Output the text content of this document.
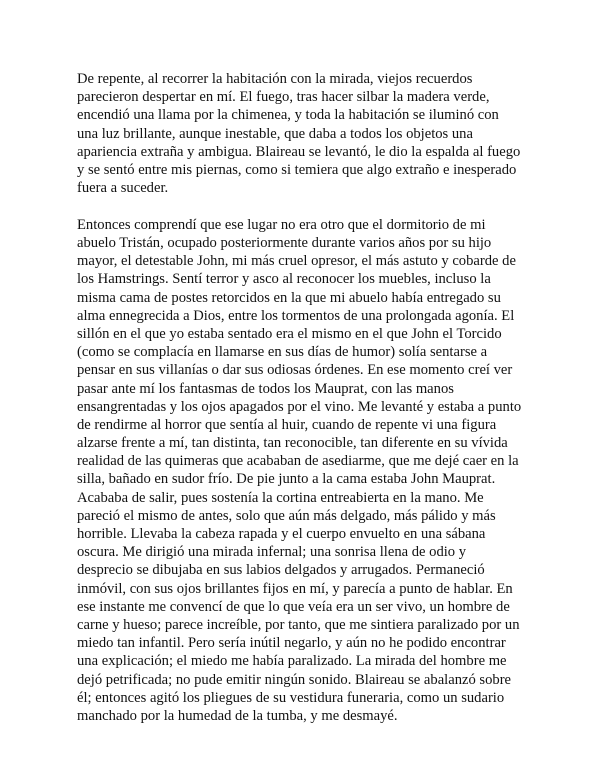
De repente, al recorrer la habitación con la mirada, viejos recuerdos
parecieron despertar en mí. El fuego, tras hacer silbar la madera verde,
encendió una llama por la chimenea, y toda la habitación se iluminó con
una luz brillante, aunque inestable, que daba a todos los objetos una
apariencia extraña y ambigua. Blaireau se levantó, le dio la espalda al fuego
y se sentó entre mis piernas, como si temiera que algo extraño e inesperado
fuera a suceder.

Entonces comprendí que ese lugar no era otro que el dormitorio de mi
abuelo Tristán, ocupado posteriormente durante varios años por su hijo
mayor, el detestable John, mi más cruel opresor, el más astuto y cobarde de
los Hamstrings. Sentí terror y asco al reconocer los muebles, incluso la
misma cama de postes retorcidos en la que mi abuelo había entregado su
alma ennegrecida a Dios, entre los tormentos de una prolongada agonía. El
sillón en el que yo estaba sentado era el mismo en el que John el Torcido
(como se complacía en llamarse en sus días de humor) solía sentarse a
pensar en sus villanías o dar sus odiosas órdenes. En ese momento creí ver
pasar ante mí los fantasmas de todos los Mauprat, con las manos
ensangrentadas y los ojos apagados por el vino. Me levanté y estaba a punto
de rendirme al horror que sentía al huir, cuando de repente vi una figura
alzarse frente a mí, tan distinta, tan reconocible, tan diferente en su vívida
realidad de las quimeras que acababan de asediarme, que me dejé caer en la
silla, bañado en sudor frío. De pie junto a la cama estaba John Mauprat.
Acababa de salir, pues sostenía la cortina entreabierta en la mano. Me
pareció el mismo de antes, solo que aún más delgado, más pálido y más
horrible. Llevaba la cabeza rapada y el cuerpo envuelto en una sábana
oscura. Me dirigió una mirada infernal; una sonrisa llena de odio y
desprecio se dibujaba en sus labios delgados y arrugados. Permaneció
inmóvil, con sus ojos brillantes fijos en mí, y parecía a punto de hablar. En
ese instante me convencí de que lo que veía era un ser vivo, un hombre de
carne y hueso; parece increíble, por tanto, que me sintiera paralizado por un
miedo tan infantil. Pero sería inútil negarlo, y aún no he podido encontrar
una explicación; el miedo me había paralizado. La mirada del hombre me
dejó petrificada; no pude emitir ningún sonido. Blaireau se abalanzó sobre
él; entonces agitó los pliegues de su vestidura funeraria, como un sudario
manchado por la humedad de la tumba, y me desmayé.
